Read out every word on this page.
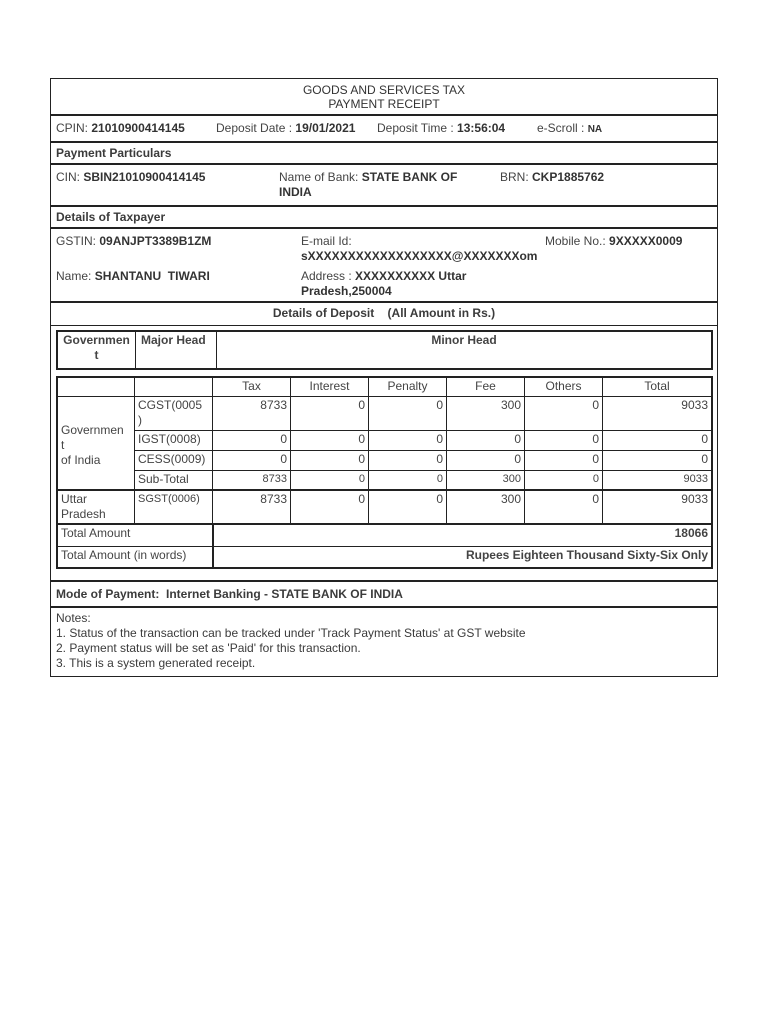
GOODS AND SERVICES TAX
PAYMENT RECEIPT
CPIN: 21010900414145	Deposit Date : 19/01/2021 Deposit Time : 13:56:04	e-Scroll : NA
Payment Particulars
CIN: SBIN21010900414145	Name of Bank: STATE BANK OF
INDIA
BRN: CKP1885762
Details of Taxpayer
GSTIN: 09ANJPT3389B1ZM	E-mail Id:
sXXXXXXXXXXXXXXXXXX@XXXXXXXom
Mobile No.: 9XXXXX0009
Name: SHANTANU  TIWARI	Address : XXXXXXXXXX Uttar
Pradesh,250004
Details of Deposit    (All Amount in Rs.)
Governmen
t	Major Head	Minor Head
		Tax	Interest	Penalty	Fee	Others	Total
Governmen
t
of India	CGST(0005
)	8733	0	0	300	0	9033
	IGST(0008)	0	0	0	0	0	0
	CESS(0009)	0	0	0	0	0	0
	Sub-Total	8733	0	0	300	0	9033
Uttar
Pradesh	SGST(0006)	8733	0	0	300	0	9033
Total Amount		18066					
Total Amount (in words)		Rupees Eighteen Thousand Sixty-Six Only					
Mode of Payment: Internet Banking - STATE BANK OF INDIA
Notes:
1. Status of the transaction can be tracked under 'Track Payment Status' at GST website
2. Payment status will be set as 'Paid' for this transaction.
3. This is a system generated receipt.
